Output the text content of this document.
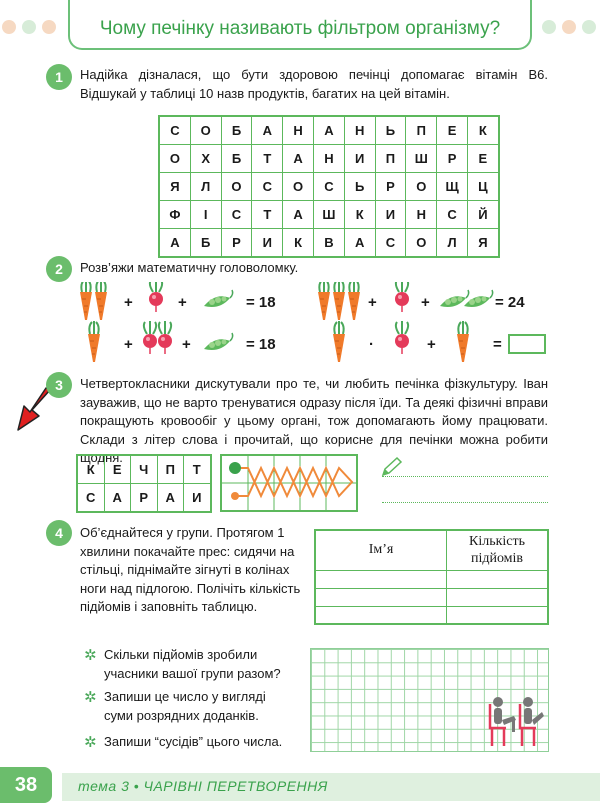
Чому печінку називають фільтром організму?
1	Надійка дізналася, що бути здоровою печінці допомагає вітамін В6. Відшукай у таблиці 10 назв продуктів, багатих на цей вітамін.
С	О	Б	А	Н	А	Н	Ь	П	Е	К
О	Х	Б	Т	А	Н	И	П	Ш	Р	Е
Я	Л	О	С	О	С	Ь	Р	О	Щ	Ц
Ф	І	С	Т	А	Ш	К	И	Н	С	Й
А	Б	Р	И	К	В	А	С	О	Л	Я
2	Розв’яжи математичну головоломку.
+	+	= 18
+	+	= 18
+	+	= 24
·	+	=
3	Четвертокласники дискутували про те, чи любить печінка фізкультуру. Іван зауважив, що не варто тренуватися одразу після їди. Та деякі фізичні вправи покращують кровообіг у цьому органі, тож допомагають йому працювати. Склади з літер слова і прочитай, що корисне для печінки можна робити щодня.
К	Е	Ч	П	Т
С	А	Р	А	И
4	Об’єднайтеся у групи. Протягом 1 хвилини покачайте прес: сидячи на стільці, піднімайте зігнуті в колінах ноги над підлогою. Полічіть кількість підйомів і заповніть таблицю.
Ім’я	Кількість підйомів

✲ Скільки підйомів зробили учасники вашої групи разом?
✲ Запиши це число у вигляді суми розрядних доданків.
✲ Запиши “сусідів” цього числа.
38	тема 3 • ЧАРІВНІ ПЕРЕТВОРЕННЯ
